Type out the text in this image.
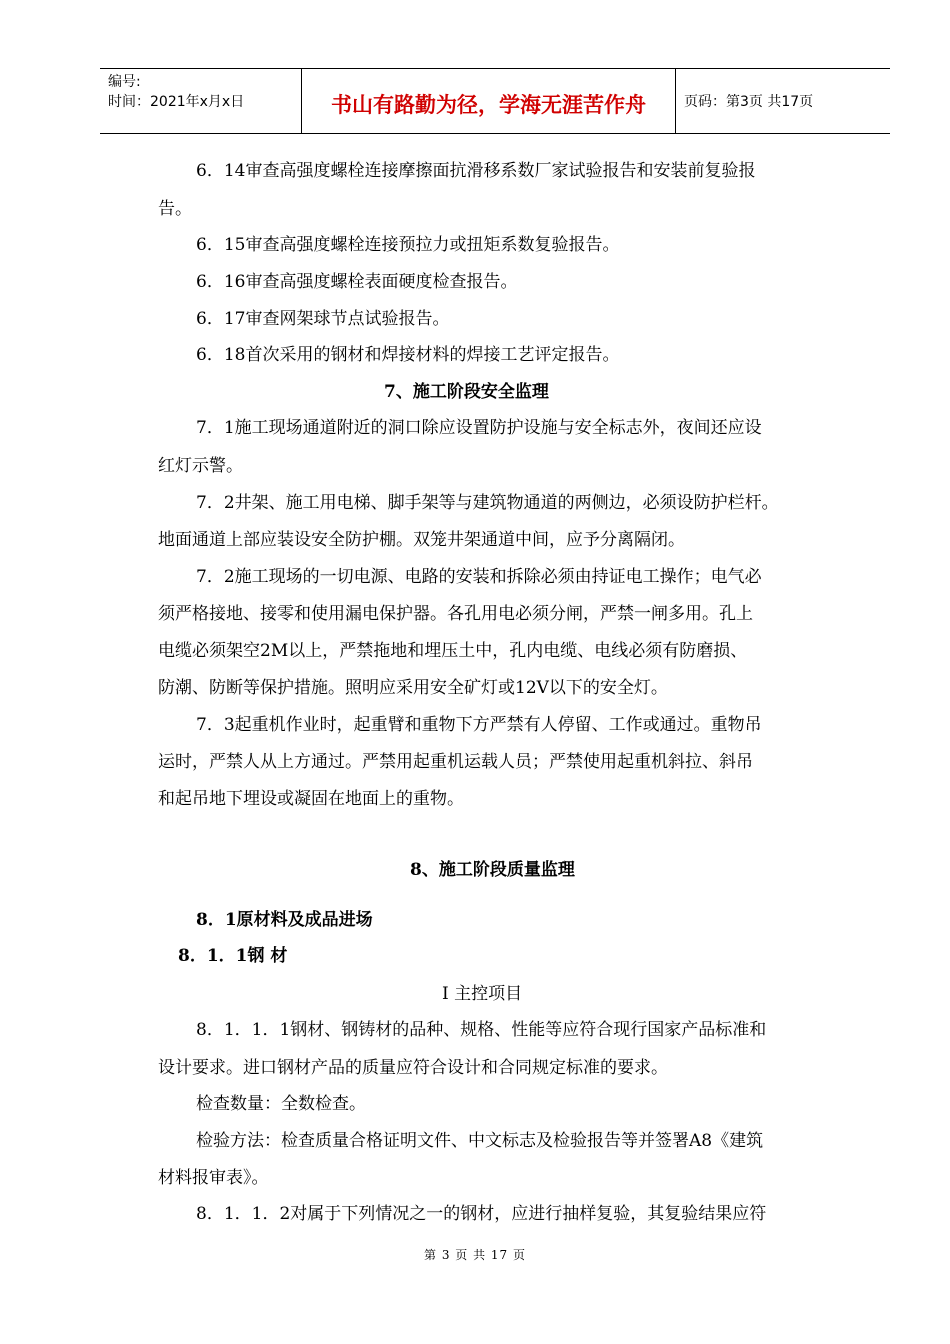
编号:
时间：2021年x月x日	书山有路勤为径，学海无涯苦作舟	页码：第3页 共17页
6．14审查高强度螺栓连接摩擦面抗滑移系数厂家试验报告和安装前复验报
告。
6．15审查高强度螺栓连接预拉力或扭矩系数复验报告。
6．16审查高强度螺栓表面硬度检查报告。
6．17审查网架球节点试验报告。
6．18首次采用的钢材和焊接材料的焊接工艺评定报告。
7、施工阶段安全监理
7．1施工现场通道附近的洞口除应设置防护设施与安全标志外，夜间还应设
红灯示警。
7．2井架、施工用电梯、脚手架等与建筑物通道的两侧边，必须设防护栏杆。
地面通道上部应装设安全防护棚。双笼井架通道中间，应予分离隔闭。
7．2施工现场的一切电源、电路的安装和拆除必须由持证电工操作；电气必
须严格接地、接零和使用漏电保护器。各孔用电必须分闸，严禁一闸多用。孔上
电缆必须架空2M以上，严禁拖地和埋压土中，孔内电缆、电线必须有防磨损、
防潮、防断等保护措施。照明应采用安全矿灯或12V以下的安全灯。
7．3起重机作业时，起重臂和重物下方严禁有人停留、工作或通过。重物吊
运时，严禁人从上方通过。严禁用起重机运载人员；严禁使用起重机斜拉、斜吊
和起吊地下埋设或凝固在地面上的重物。
8、施工阶段质量监理
8．1原材料及成品进场
8．1．1钢 材
Ⅰ 主控项目
8．1．1．1钢材、钢铸材的品种、规格、性能等应符合现行国家产品标准和
设计要求。进口钢材产品的质量应符合设计和合同规定标准的要求。
检查数量：全数检查。
检验方法：检查质量合格证明文件、中文标志及检验报告等并签署A8《建筑
材料报审表》。
8．1．1．2对属于下列情况之一的钢材，应进行抽样复验，其复验结果应符
第 3 页 共 17 页
